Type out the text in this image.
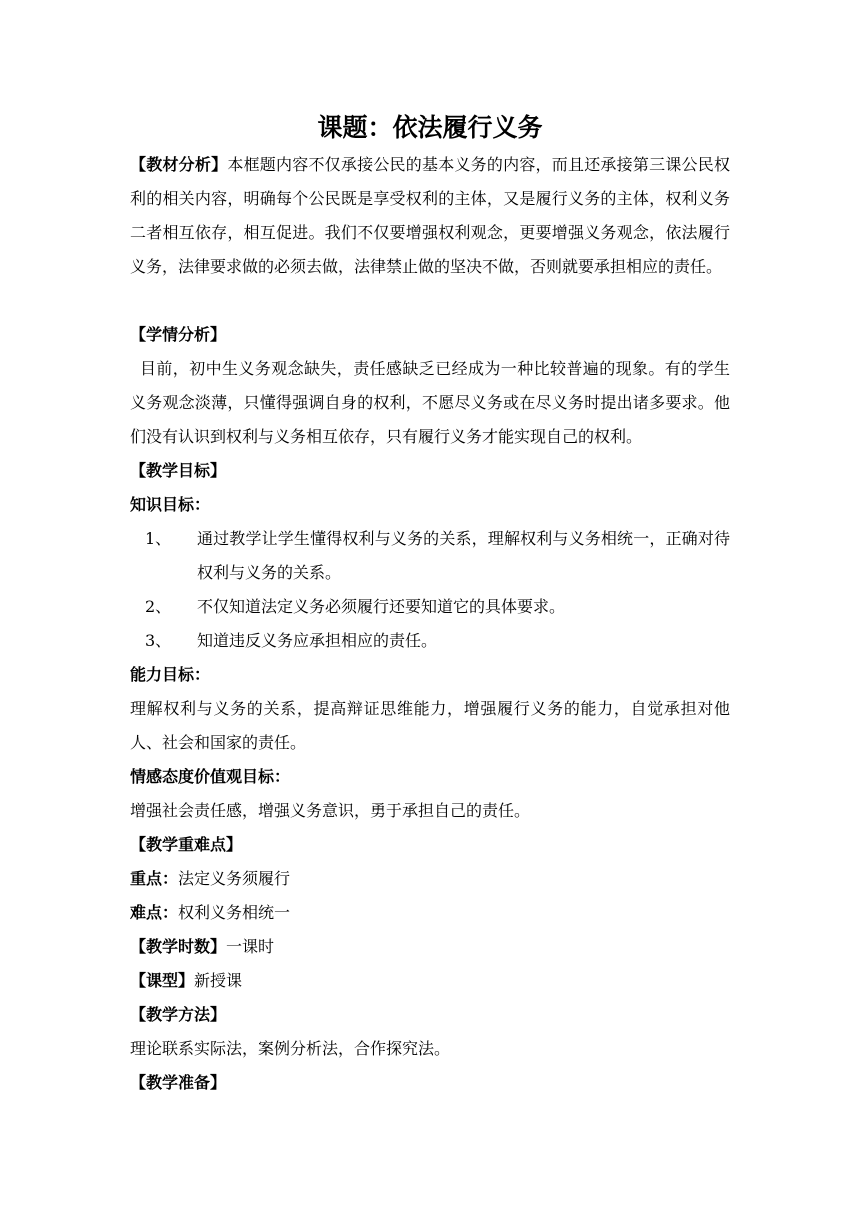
课题：依法履行义务
【教材分析】本框题内容不仅承接公民的基本义务的内容，而且还承接第三课公民权利的相关内容，明确每个公民既是享受权利的主体，又是履行义务的主体，权利义务二者相互依存，相互促进。我们不仅要增强权利观念，更要增强义务观念，依法履行义务，法律要求做的必须去做，法律禁止做的坚决不做，否则就要承担相应的责任。
【学情分析】
目前，初中生义务观念缺失，责任感缺乏已经成为一种比较普遍的现象。有的学生义务观念淡薄，只懂得强调自身的权利，不愿尽义务或在尽义务时提出诸多要求。他们没有认识到权利与义务相互依存，只有履行义务才能实现自己的权利。
【教学目标】
知识目标：
1、	通过教学让学生懂得权利与义务的关系，理解权利与义务相统一，正确对待权利与义务的关系。
2、	不仅知道法定义务必须履行还要知道它的具体要求。
3、	知道违反义务应承担相应的责任。
能力目标：
理解权利与义务的关系，提高辩证思维能力，增强履行义务的能力，自觉承担对他人、社会和国家的责任。
情感态度价值观目标：
增强社会责任感，增强义务意识，勇于承担自己的责任。
【教学重难点】
重点：法定义务须履行
难点：权利义务相统一
【教学时数】一课时
【课型】新授课
【教学方法】
理论联系实际法，案例分析法，合作探究法。
【教学准备】
